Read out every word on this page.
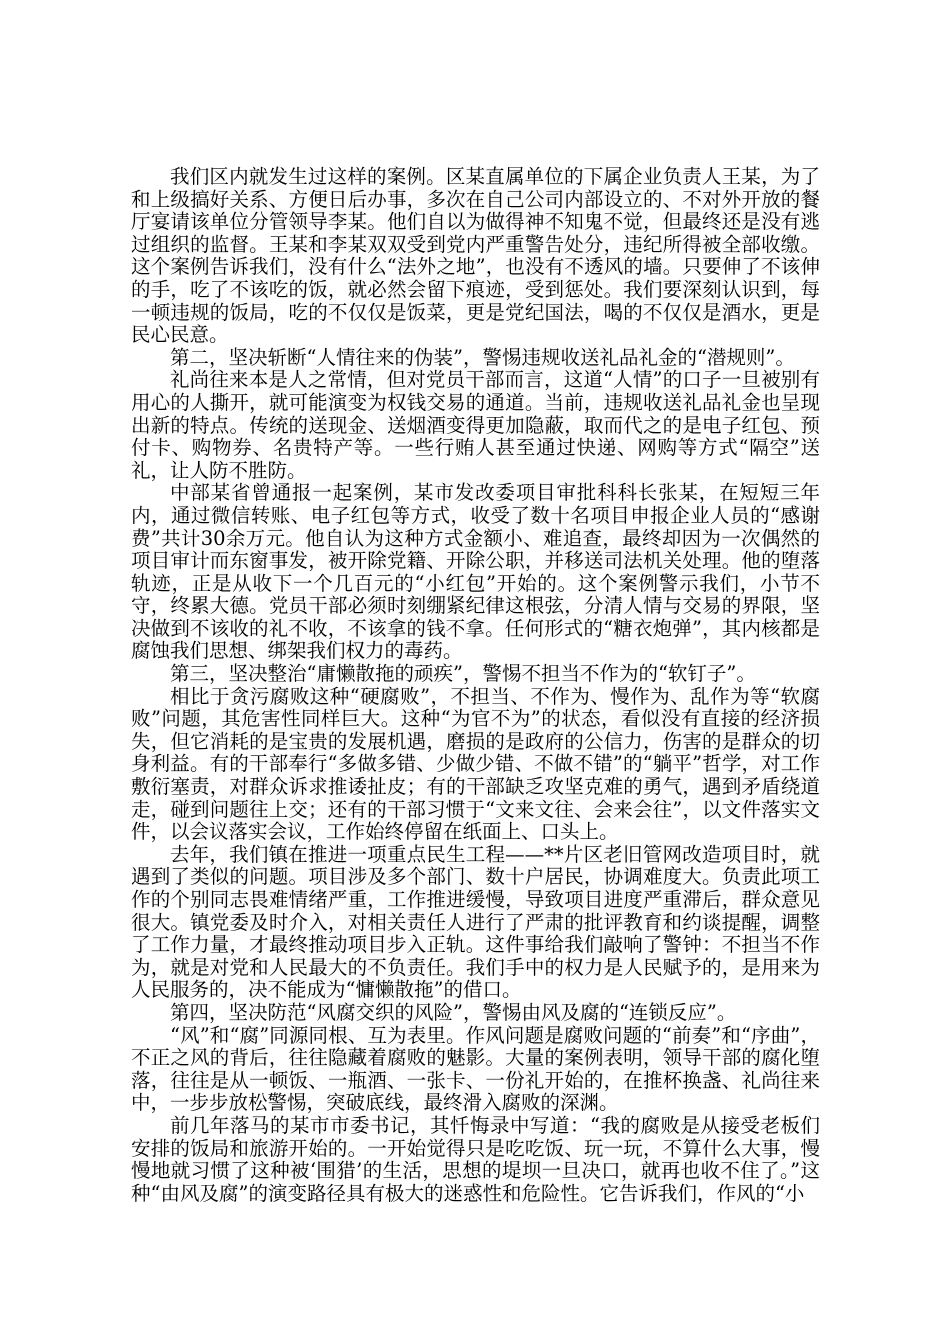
我们区内就发生过这样的案例。区某直属单位的下属企业负责人王某，为了和上级搞好关系、方便日后办事，多次在自己公司内部设立的、不对外开放的餐厅宴请该单位分管领导李某。他们自以为做得神不知鬼不觉，但最终还是没有逃过组织的监督。王某和李某双双受到党内严重警告处分，违纪所得被全部收缴。这个案例告诉我们，没有什么“法外之地”，也没有不透风的墙。只要伸了不该伸的手，吃了不该吃的饭，就必然会留下痕迹，受到惩处。我们要深刻认识到，每一顿违规的饭局，吃的不仅仅是饭菜，更是党纪国法，喝的不仅仅是酒水，更是民心民意。

第二，坚决斩断“人情往来的伪装”，警惕违规收送礼品礼金的“潜规则”。

礼尚往来本是人之常情，但对党员干部而言，这道“人情”的口子一旦被别有用心的人撕开，就可能演变为权钱交易的通道。当前，违规收送礼品礼金也呈现出新的特点。传统的送现金、送烟酒变得更加隐蔽，取而代之的是电子红包、预付卡、购物券、名贵特产等。一些行贿人甚至通过快递、网购等方式“隔空”送礼，让人防不胜防。

中部某省曾通报一起案例，某市发改委项目审批科科长张某，在短短三年内，通过微信转账、电子红包等方式，收受了数十名项目申报企业人员的“感谢费”共计30余万元。他自认为这种方式金额小、难追查，最终却因为一次偶然的项目审计而东窗事发，被开除党籍、开除公职，并移送司法机关处理。他的堕落轨迹，正是从收下一个几百元的“小红包”开始的。这个案例警示我们，小节不守，终累大德。党员干部必须时刻绷紧纪律这根弦，分清人情与交易的界限，坚决做到不该收的礼不收，不该拿的钱不拿。任何形式的“糖衣炮弹”，其内核都是腐蚀我们思想、绑架我们权力的毒药。

第三，坚决整治“庸懒散拖的顽疾”，警惕不担当不作为的“软钉子”。

相比于贪污腐败这种“硬腐败”，不担当、不作为、慢作为、乱作为等“软腐败”问题，其危害性同样巨大。这种“为官不为”的状态，看似没有直接的经济损失，但它消耗的是宝贵的发展机遇，磨损的是政府的公信力，伤害的是群众的切身利益。有的干部奉行“多做多错、少做少错、不做不错”的“躺平”哲学，对工作敷衍塞责，对群众诉求推诿扯皮；有的干部缺乏攻坚克难的勇气，遇到矛盾绕道走，碰到问题往上交；还有的干部习惯于“文来文往、会来会往”，以文件落实文件，以会议落实会议，工作始终停留在纸面上、口头上。

去年，我们镇在推进一项重点民生工程——**片区老旧管网改造项目时，就遇到了类似的问题。项目涉及多个部门、数十户居民，协调难度大。负责此项工作的个别同志畏难情绪严重，工作推进缓慢，导致项目进度严重滞后，群众意见很大。镇党委及时介入，对相关责任人进行了严肃的批评教育和约谈提醒，调整了工作力量，才最终推动项目步入正轨。这件事给我们敲响了警钟：不担当不作为，就是对党和人民最大的不负责任。我们手中的权力是人民赋予的，是用来为人民服务的，决不能成为“慵懒散拖”的借口。

第四，坚决防范“风腐交织的风险”，警惕由风及腐的“连锁反应”。

“风”和“腐”同源同根、互为表里。作风问题是腐败问题的“前奏”和“序曲”，不正之风的背后，往往隐藏着腐败的魅影。大量的案例表明，领导干部的腐化堕落，往往是从一顿饭、一瓶酒、一张卡、一份礼开始的，在推杯换盏、礼尚往来中，一步步放松警惕，突破底线，最终滑入腐败的深渊。

前几年落马的某市市委书记，其忏悔录中写道：“我的腐败是从接受老板们安排的饭局和旅游开始的。一开始觉得只是吃吃饭、玩一玩，不算什么大事，慢慢地就习惯了这种被‘围猎’的生活，思想的堤坝一旦决口，就再也收不住了。”这种“由风及腐”的演变路径具有极大的迷惑性和危险性。它告诉我们，作风的“小
